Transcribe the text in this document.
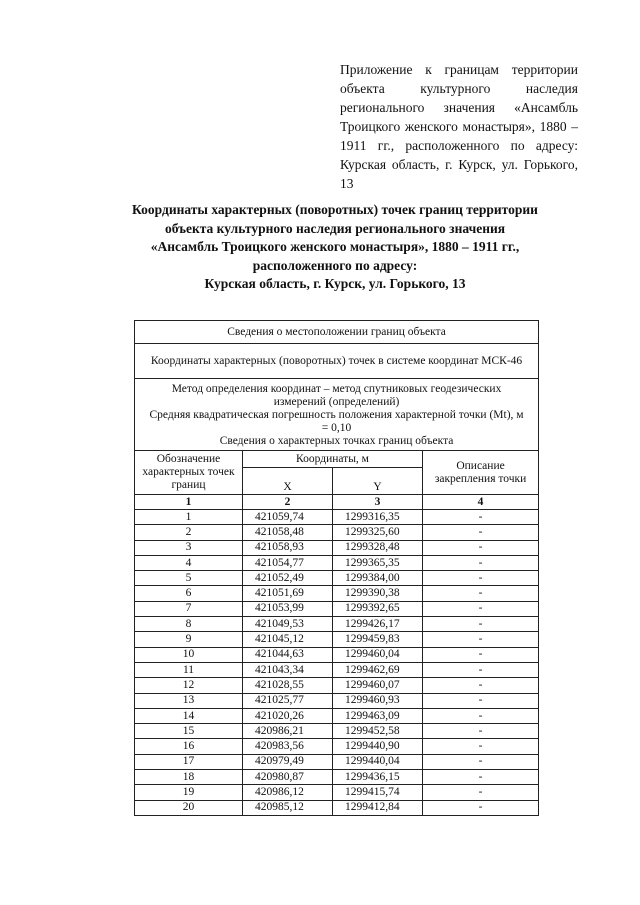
Приложение к границам территории объекта культурного наследия регионального значения «Ансамбль Троицкого женского монастыря», 1880 – 1911 гг., расположенного по адресу: Курская область, г. Курск, ул. Горького, 13
Координаты характерных (поворотных) точек границ территории
объекта культурного наследия регионального значения
«Ансамбль Троицкого женского монастыря», 1880 – 1911 гг.,
расположенного по адресу:
Курская область, г. Курск, ул. Горького, 13
Сведения о местоположении границ объекта			
Координаты характерных (поворотных) точек в системе координат МСК-46			

Метод определения координат – метод спутниковых геодезических измерений (определений)
Средняя квадратическая погрешность положения характерной точки (Mt), м = 0,10
Сведения о характерных точках границ объекта			

Обозначение характерных точек границ	Координаты, м		Описание закрепления точки
	X	Y	
1	2	3	4
1	421059,74	1299316,35	-
2	421058,48	1299325,60	-
3	421058,93	1299328,48	-
4	421054,77	1299365,35	-
5	421052,49	1299384,00	-
6	421051,69	1299390,38	-
7	421053,99	1299392,65	-
8	421049,53	1299426,17	-
9	421045,12	1299459,83	-
10	421044,63	1299460,04	-
11	421043,34	1299462,69	-
12	421028,55	1299460,07	-
13	421025,77	1299460,93	-
14	421020,26	1299463,09	-
15	420986,21	1299452,58	-
16	420983,56	1299440,90	-
17	420979,49	1299440,04	-
18	420980,87	1299436,15	-
19	420986,12	1299415,74	-
20	420985,12	1299412,84	-
